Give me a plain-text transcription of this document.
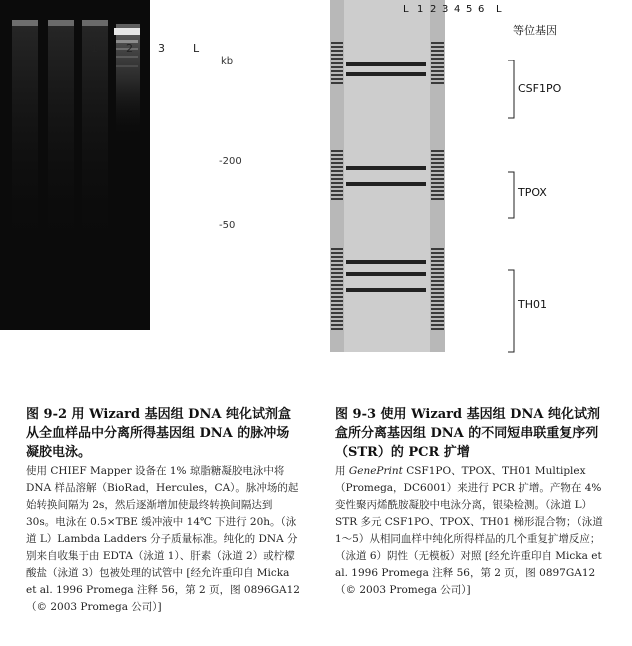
1	2 3	L
kb
-200
-50
L 1 2 3 4 5 6 L
等位基因
CSF1PO
TPOX
TH01
图 9-2 用 Wizard 基因组 DNA 纯化试剂盒从全血样品中分离所得基因组 DNA 的脉冲场凝胶电泳。
使用 CHIEF Mapper 设备在 1% 琼脂糖凝胶电泳中将 DNA 样品溶解（BioRad，Hercules，CA）。脉冲场的起始转换间隔为 2s，然后逐渐增加使最终转换间隔达到 30s。电泳在 0.5×TBE 缓冲液中 14℃ 下进行 20h。（泳道 L）Lambda Ladders 分子质量标准。纯化的 DNA 分别来自收集于由 EDTA（泳道 1）、肝素（泳道 2）或柠檬酸盐（泳道 3）包被处理的试管中 [经允许重印自 Micka et al. 1996 Promega 注释 56，第 2 页，图 0896GA12（© 2003 Promega 公司）]
图 9-3 使用 Wizard 基因组 DNA 纯化试剂盒所分离基因组 DNA 的不同短串联重复序列（STR）的 PCR 扩增
用 GenePrint CSF1PO、TPOX、TH01 Multiplex（Promega，DC6001）来进行 PCR 扩增。产物在 4% 变性聚丙烯酰胺凝胶中电泳分离，银染检测。（泳道 L）STR 多元 CSF1PO、TPOX、TH01 梯形混合物；（泳道 1～5）从相同血样中纯化所得样品的几个重复扩增反应；（泳道 6）阴性（无模板）对照 [经允许重印自 Micka et al. 1996 Promega 注释 56，第 2 页，图 0897GA12（© 2003 Promega 公司）]
